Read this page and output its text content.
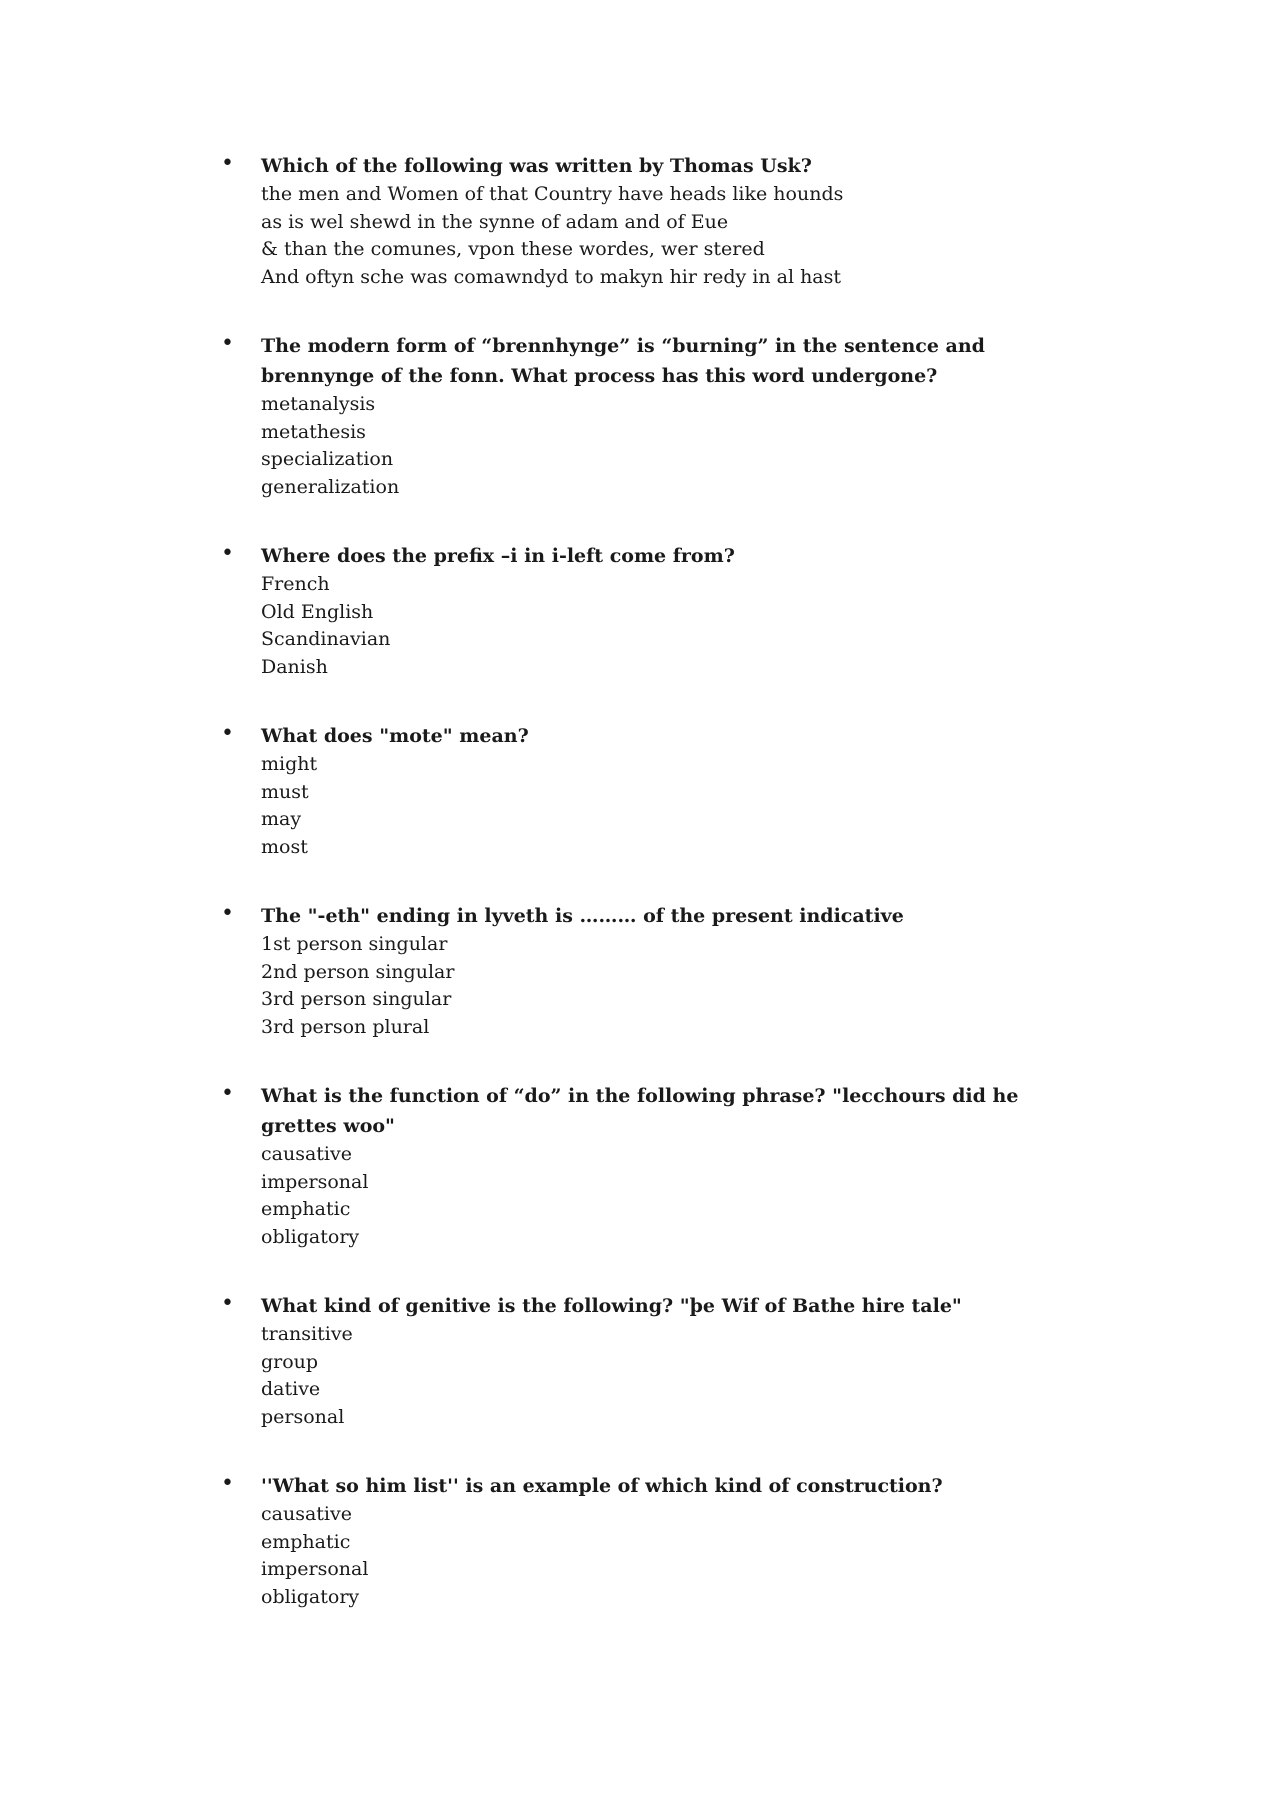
• Which of the following was written by Thomas Usk?

the men and Women of that Country have heads like hounds
as is wel shewd in the synne of adam and of Eue
& than the comunes, vpon these wordes, wer stered
And oftyn sche was comawndyd to makyn hir redy in al hast
• The modern form of “brennhynge” is “burning” in the sentence and brennynge of the fonn. What process has this word undergone?

metanalysis
metathesis
specialization
generalization
• Where does the prefix –i in i-left come from?

French
Old English
Scandinavian
Danish
• What does "mote" mean?

might
must
may
most
• The "-eth" ending in lyveth is ……… of the present indicative

1st person singular
2nd person singular
3rd person singular
3rd person plural
• What is the function of “do” in the following phrase? "lecchours did he grettes woo"

causative
impersonal
emphatic
obligatory
• What kind of genitive is the following? "þe Wif of Bathe hire tale"

transitive
group
dative
personal
• ''What so him list'' is an example of which kind of construction?

causative
emphatic
impersonal
obligatory
